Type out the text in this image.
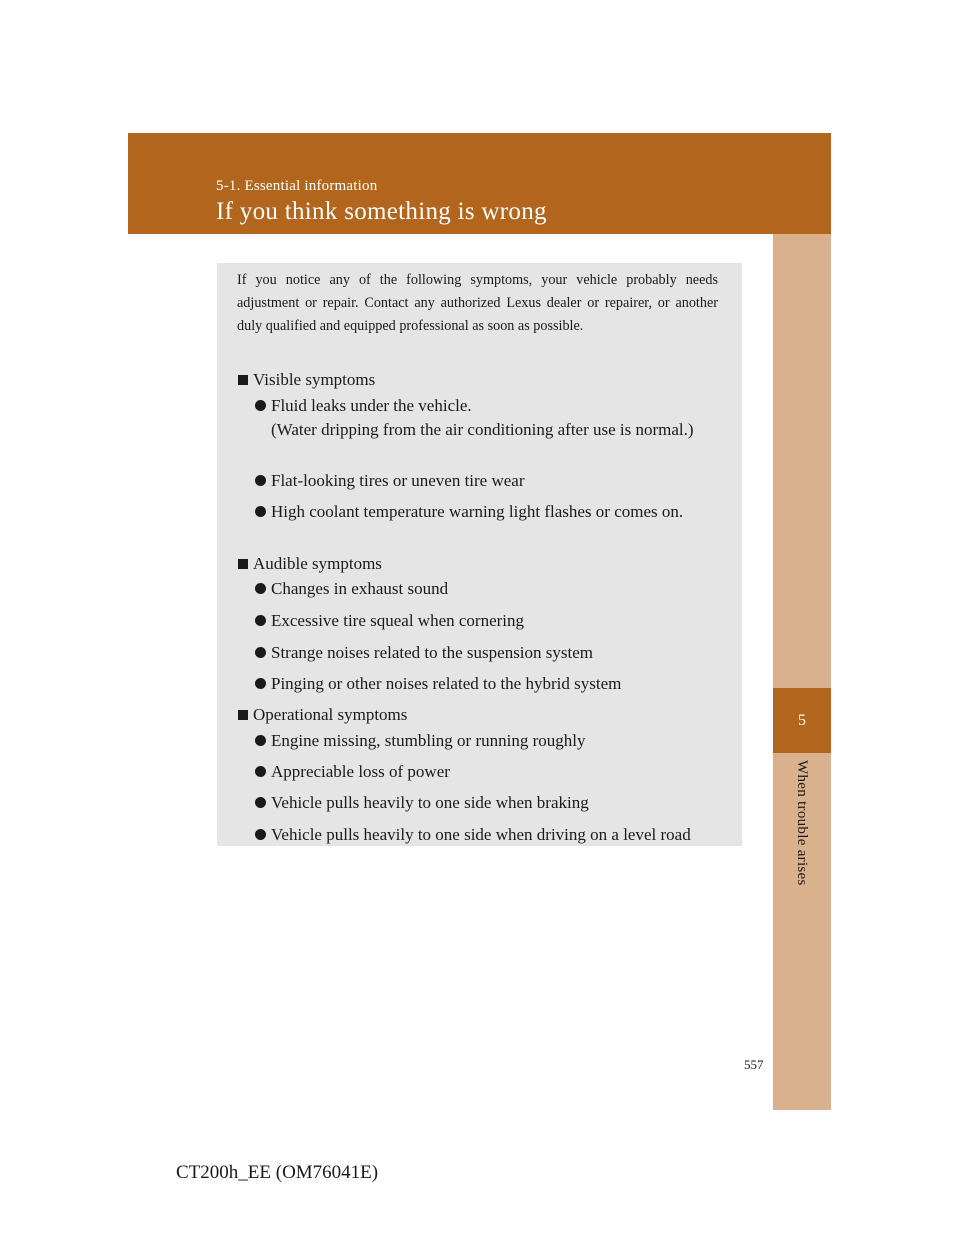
5-1. Essential information
If you think something is wrong
5
When trouble arises

If you notice any of the following symptoms, your vehicle probably needs adjustment or repair. Contact any authorized Lexus dealer or repairer, or another duly qualified and equipped professional as soon as possible.

Visible symptoms
Fluid leaks under the vehicle.
(Water dripping from the air conditioning after use is normal.)
Flat-looking tires or uneven tire wear
High coolant temperature warning light flashes or comes on.
Audible symptoms
Changes in exhaust sound
Excessive tire squeal when cornering
Strange noises related to the suspension system
Pinging or other noises related to the hybrid system
Operational symptoms
Engine missing, stumbling or running roughly
Appreciable loss of power
Vehicle pulls heavily to one side when braking
Vehicle pulls heavily to one side when driving on a level road
557
CT200h_EE (OM76041E)
